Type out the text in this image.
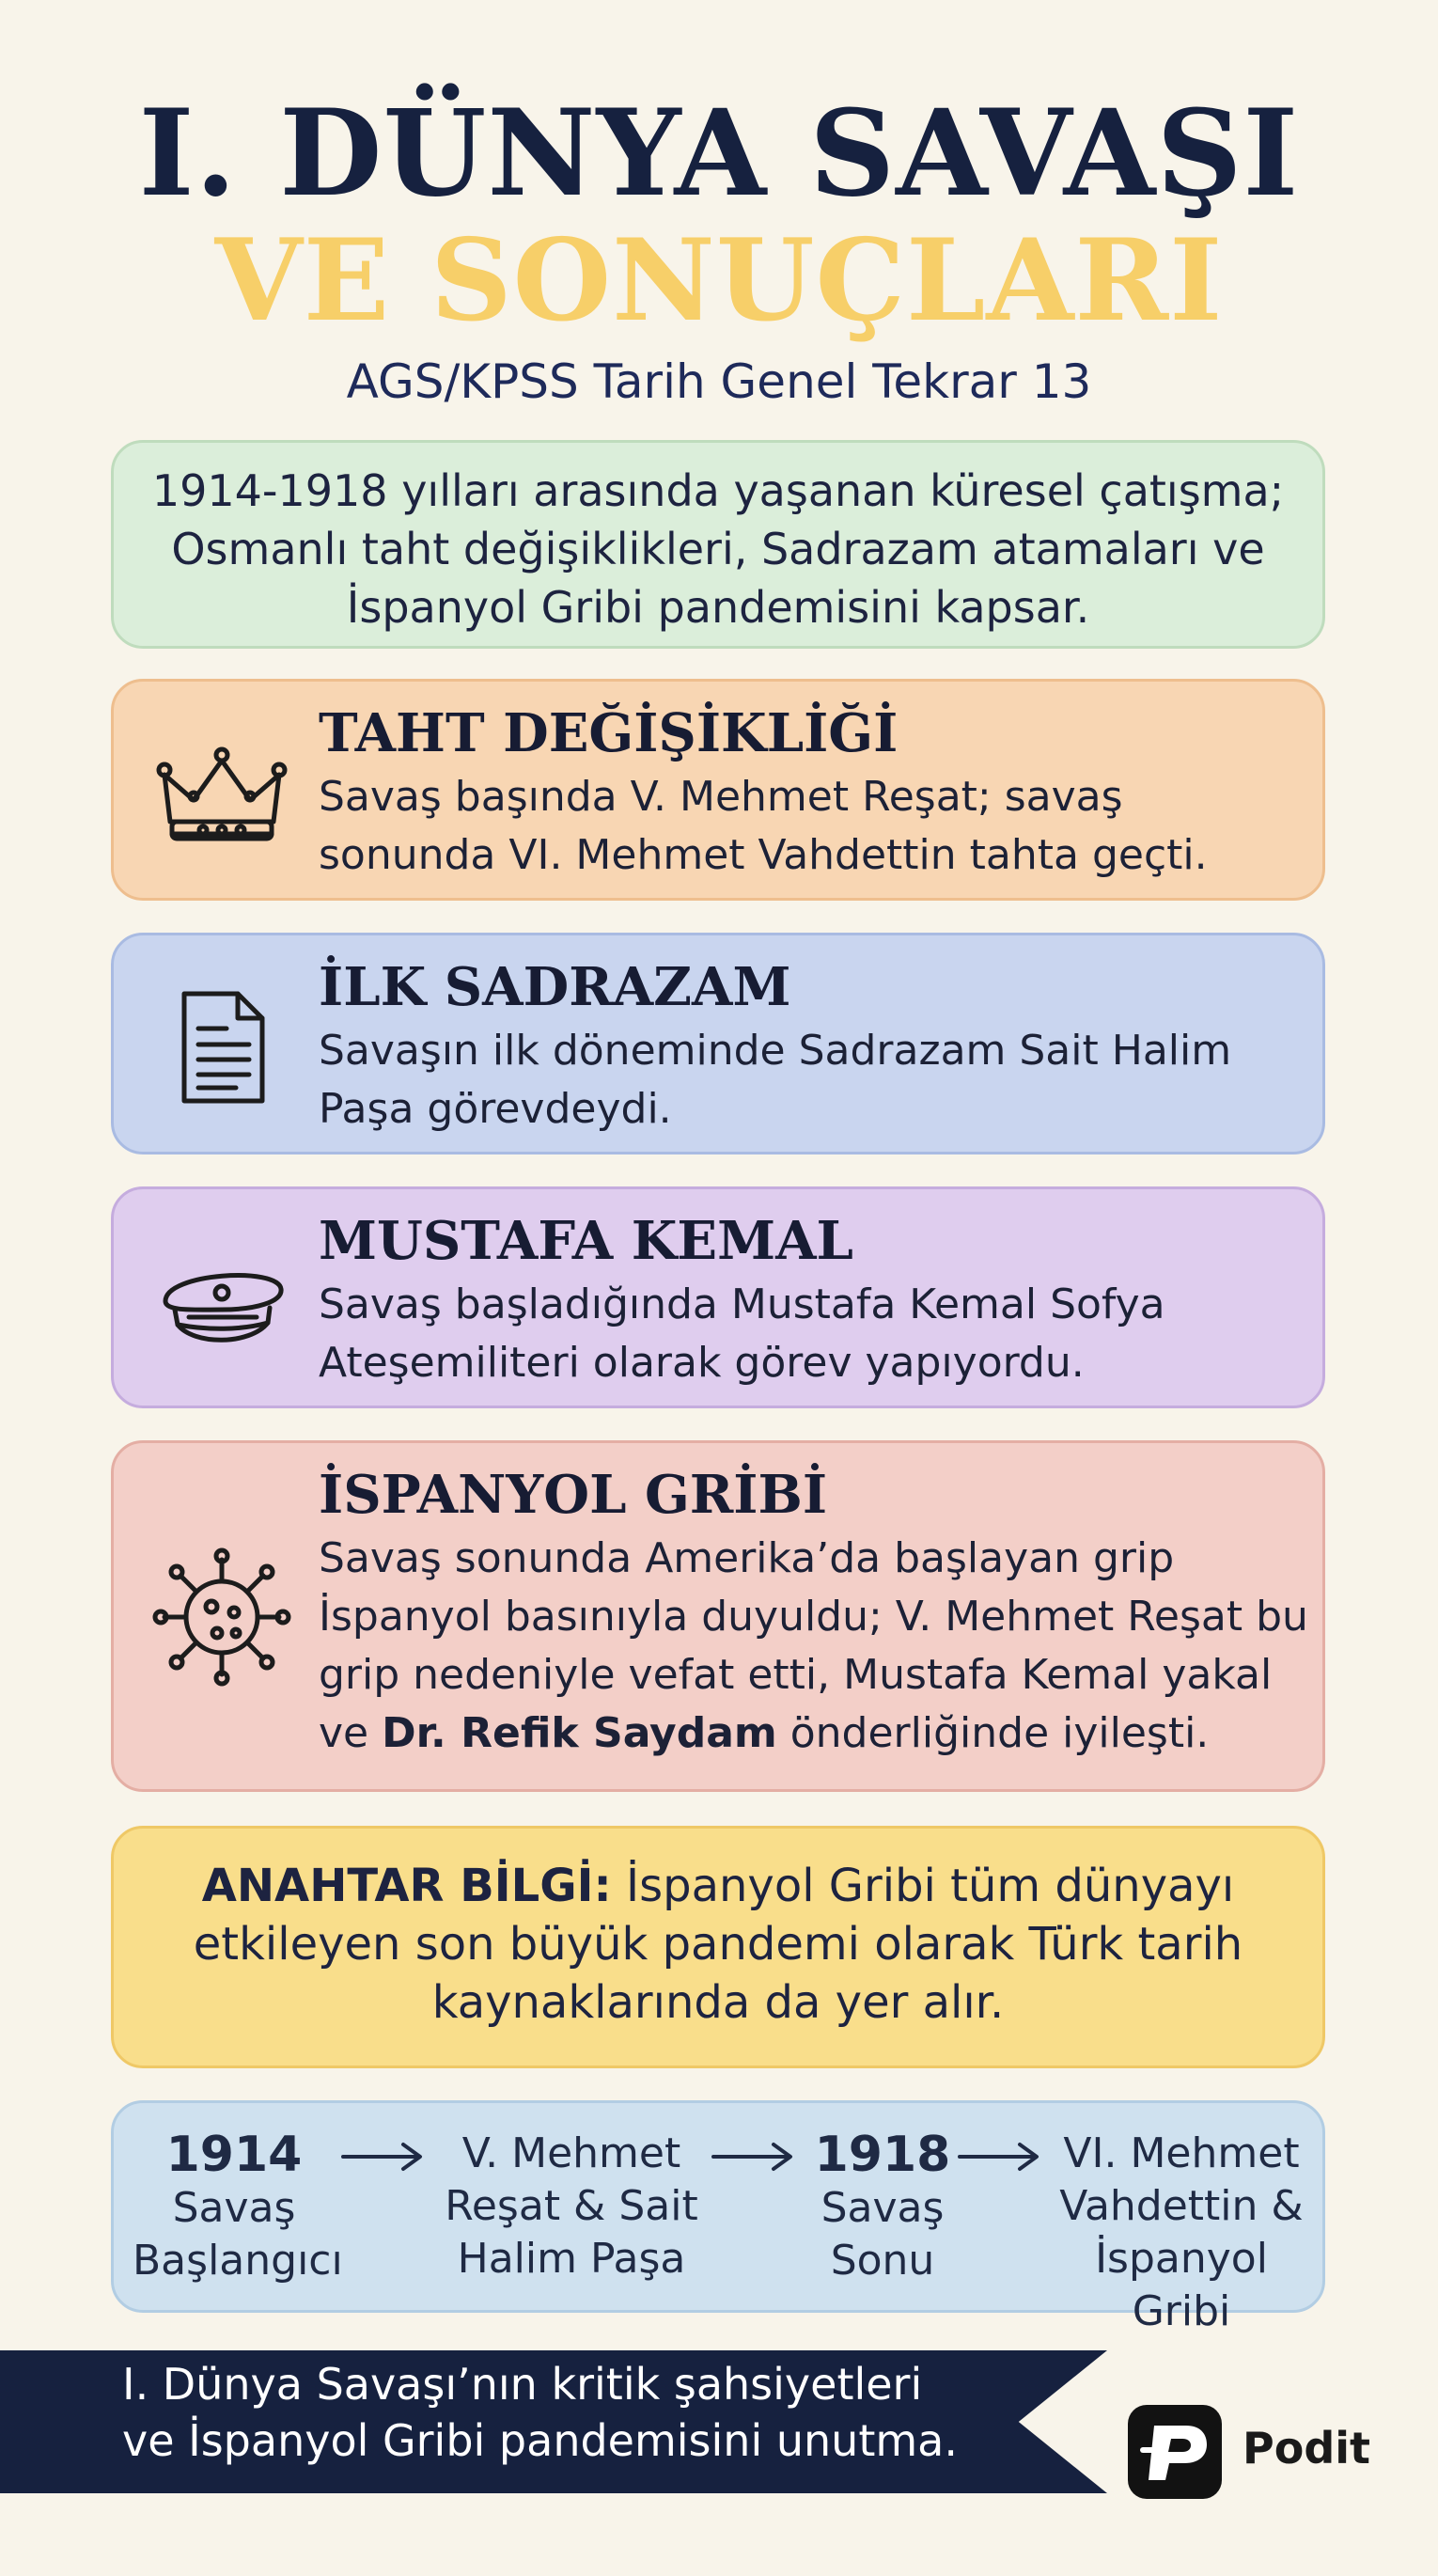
I. DÜNYA SAVAŞI
VE SONUÇLARI
AGS/KPSS Tarih Genel Tekrar 13
1914-1918 yılları arasında yaşanan küresel çatışma;
Osmanlı taht değişiklikleri, Sadrazam atamaları ve
İspanyol Gribi pandemisini kapsar.
TAHT DEĞİŞİKLİĞİ
Savaş başında V. Mehmet Reşat; savaş
sonunda VI. Mehmet Vahdettin tahta geçti.
İLK SADRAZAM
Savaşın ilk döneminde Sadrazam Sait Halim
Paşa görevdeydi.
MUSTAFA KEMAL
Savaş başladığında Mustafa Kemal Sofya
Ateşemiliteri olarak görev yapıyordu.
İSPANYOL GRİBİ
Savaş sonunda Amerika’da başlayan grip
İspanyol basınıyla duyuldu; V. Mehmet Reşat bu
grip nedeniyle vefat etti, Mustafa Kemal yakal
ve Dr. Refik Saydam önderliğinde iyileşti.
ANAHTAR BİLGİ: İspanyol Gribi tüm dünyayı
etkileyen son büyük pandemi olarak Türk tarih
kaynaklarında da yer alır.
1914
Savaş
Başlangıcı
V. Mehmet
Reşat & Sait
Halim Paşa
1918
Savaş
Sonu
VI. Mehmet
Vahdettin &
İspanyol Gribi
I. Dünya Savaşı’nın kritik şahsiyetleri
ve İspanyol Gribi pandemisini unutma.	Podit
